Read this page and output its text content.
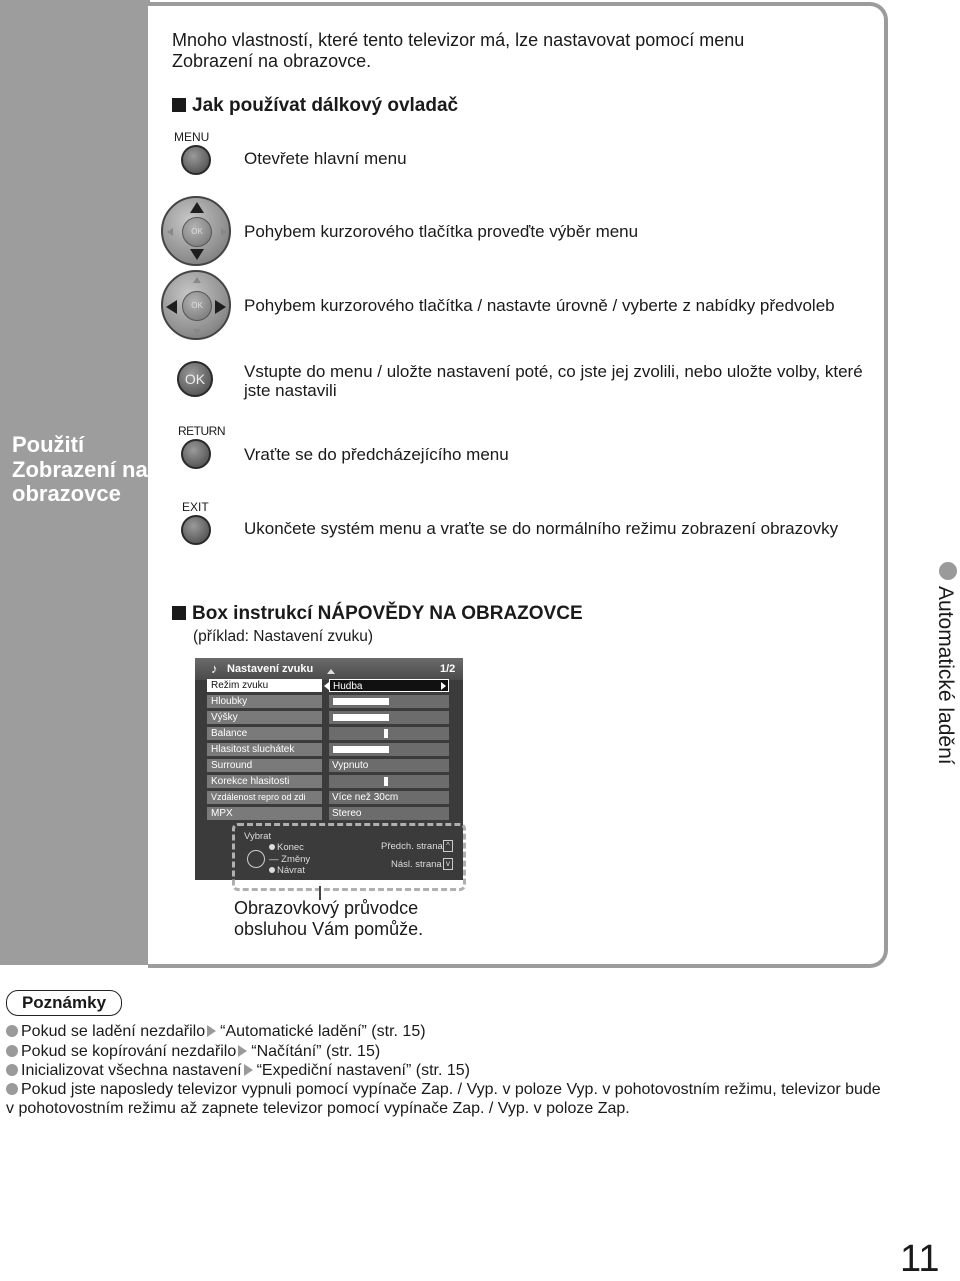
Použití Zobrazení na obrazovce
Mnoho vlastností, které tento televizor má, lze nastavovat pomocí menu Zobrazení na obrazovce.
Jak používat dálkový ovladač
MENU
Otevřete hlavní menu
OK	Pohybem kurzorového tlačítka proveďte výběr menu
OK	Pohybem kurzorového tlačítka / nastavte úrovně / vyberte z nabídky předvoleb
OK	Vstupte do menu / uložte nastavení poté, co jste jej zvolili, nebo uložte volby, které jste nastavili
RETURN
Vraťte se do předcházejícího menu
EXIT
Ukončete systém menu a vraťte se do normálního režimu zobrazení obrazovky
Box instrukcí NÁPOVĚDY NA OBRAZOVCE
(příklad: Nastavení zvuku)
♪ Nastavení zvuku	1/2
Režim zvuku	Hudba
Hloubky
Výšky
Balance
Hlasitost sluchátek
Surround	Vypnuto
Korekce hlasitosti
Vzdálenost repro od zdi	Více než 30cm
MPX	Stereo
Vybrat
Konec
— Změny
Návrat
Předch. strana ^
Násl. strana v
Obrazovkový průvodce obsluhou Vám pomůže.
Automatické ladění
Poznámky
Pokud se ladění nezdařilo “Automatické ladění” (str. 15)
Pokud se kopírování nezdařilo “Načítání” (str. 15)
Inicializovat všechna nastavení “Expediční nastavení” (str. 15)
Pokud jste naposledy televizor vypnuli pomocí vypínače Zap. / Vyp. v poloze Vyp. v pohotovostním režimu, televizor bude v pohotovostním režimu až zapnete televizor pomocí vypínače Zap. / Vyp. v poloze Zap.
11
